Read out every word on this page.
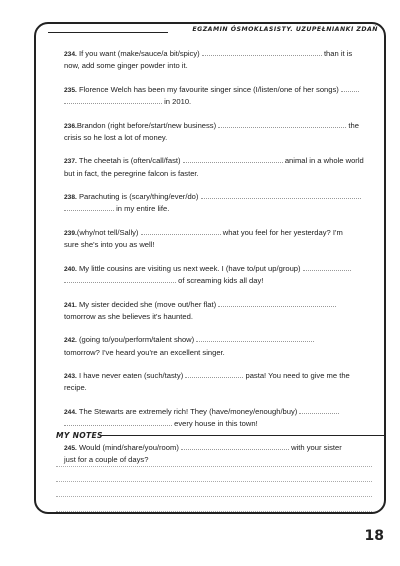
EGZAMIN ÓSMOKLASISTY. UZUPEŁNIANKI ZDAŃ
234. If you want (make/sauce/a bit/spicy)	than it is
now, add some ginger powder into it.
235. Florence Welch has been my favourite singer since (I/listen/one of her songs)
in 2010.
236.Brandon (right before/start/new business)	the
crisis so he lost a lot of money.
237. The cheetah is (often/call/fast)	animal in a whole world
but in fact, the peregrine falcon is faster.
238. Parachuting is (scary/thing/ever/do)
in my entire life.
239.(why/not tell/Sally)	what you feel for her yesterday? I'm
sure she's into you as well!
240. My little cousins are visiting us next week. I (have to/put up/group)
of screaming kids all day!
241. My sister decided she (move out/her flat)
tomorrow as she believes it's haunted.
242. (going to/you/perform/talent show)
tomorrow? I've heard you're an excellent singer.
243. I have never eaten (such/tasty)	pasta! You need to give me the
recipe.
244. The Stewarts are extremely rich! They (have/money/enough/buy)
every house in this town!
245. Would (mind/share/you/room)	with your sister
just for a couple of days?
MY NOTES
18
